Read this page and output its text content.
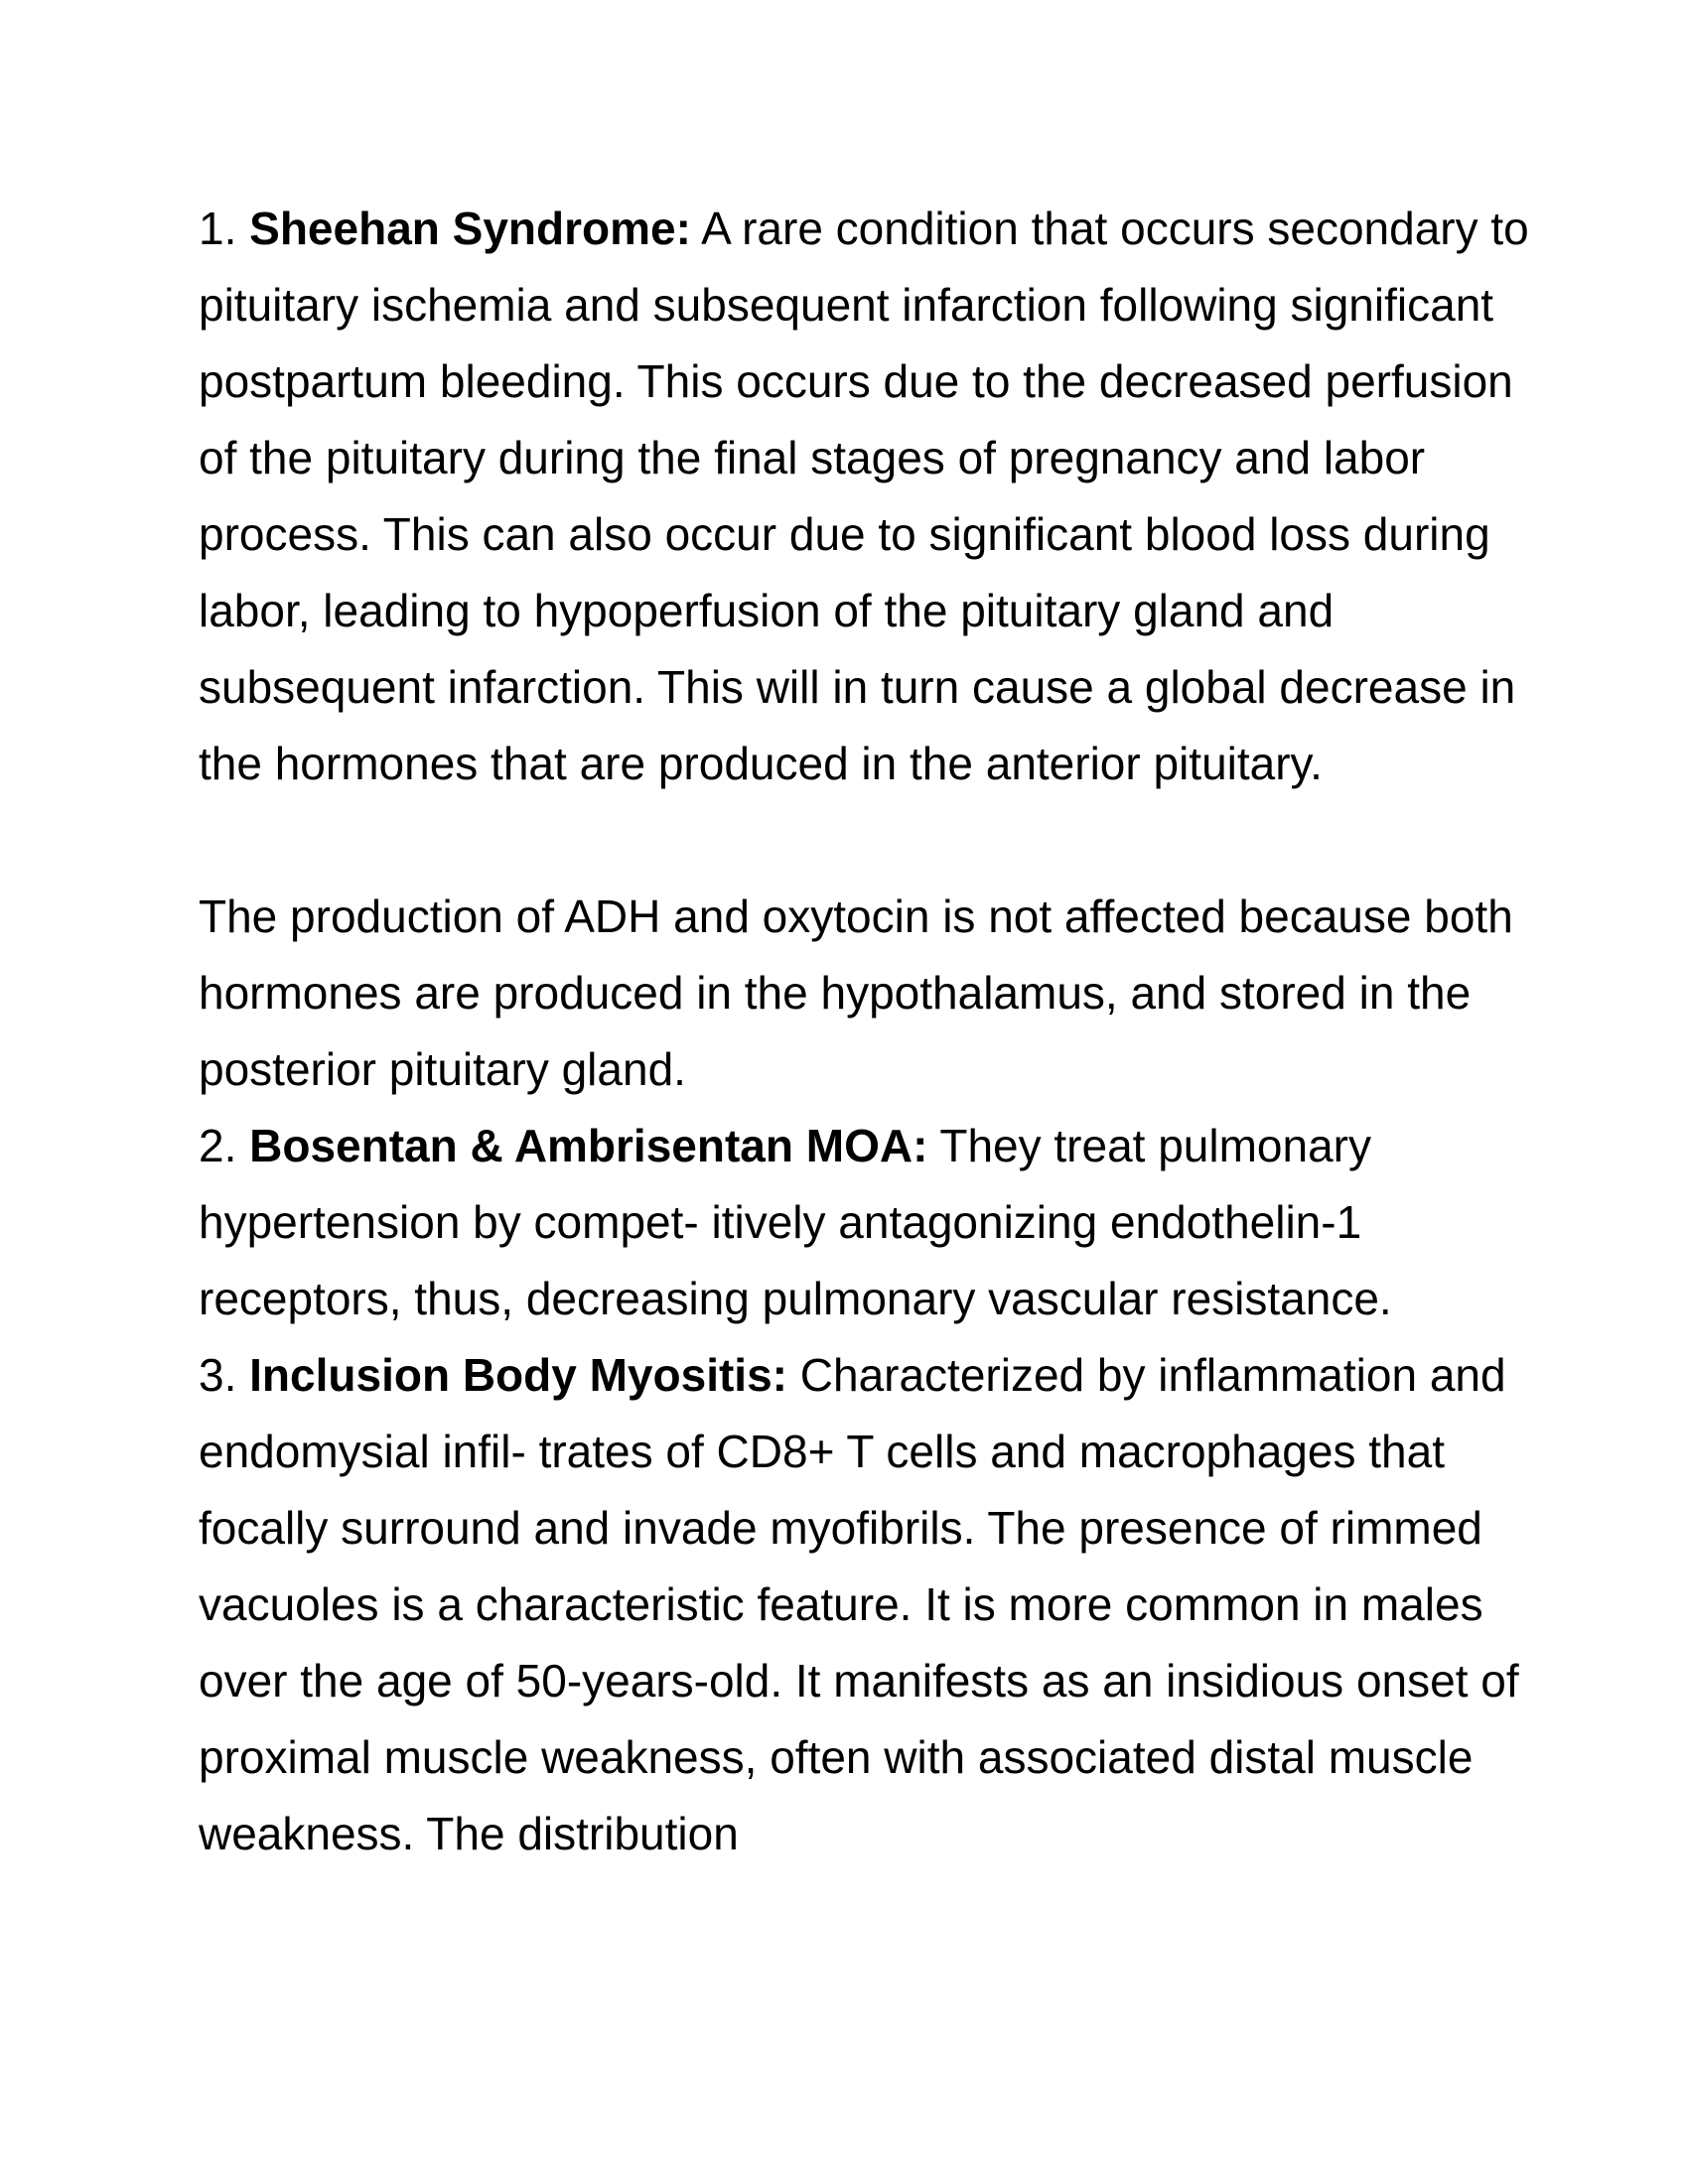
1. Sheehan Syndrome: A rare condition that occurs secondary to
pituitary ischemia and subsequent infarction following significant
postpartum bleeding. This occurs due to the decreased perfusion
of the pituitary during the final stages of pregnancy and labor
process. This can also occur due to significant blood loss during
labor, leading to hypoperfusion of the pituitary gland and
subsequent infarction. This will in turn cause a global decrease in
the hormones that are produced in the anterior pituitary.

The production of ADH and oxytocin is not affected because both
hormones are produced in the hypothalamus, and stored in the
posterior pituitary gland.
2. Bosentan & Ambrisentan MOA: They treat pulmonary
hypertension by compet- itively antagonizing endothelin-1
receptors, thus, decreasing pulmonary vascular resistance.
3. Inclusion Body Myositis: Characterized by inflammation and
endomysial infil- trates of CD8+ T cells and macrophages that
focally surround and invade myofibrils. The presence of rimmed
vacuoles is a characteristic feature. It is more common in males
over the age of 50-years-old. It manifests as an insidious onset of
proximal muscle weakness, often with associated distal muscle
weakness. The distribution
